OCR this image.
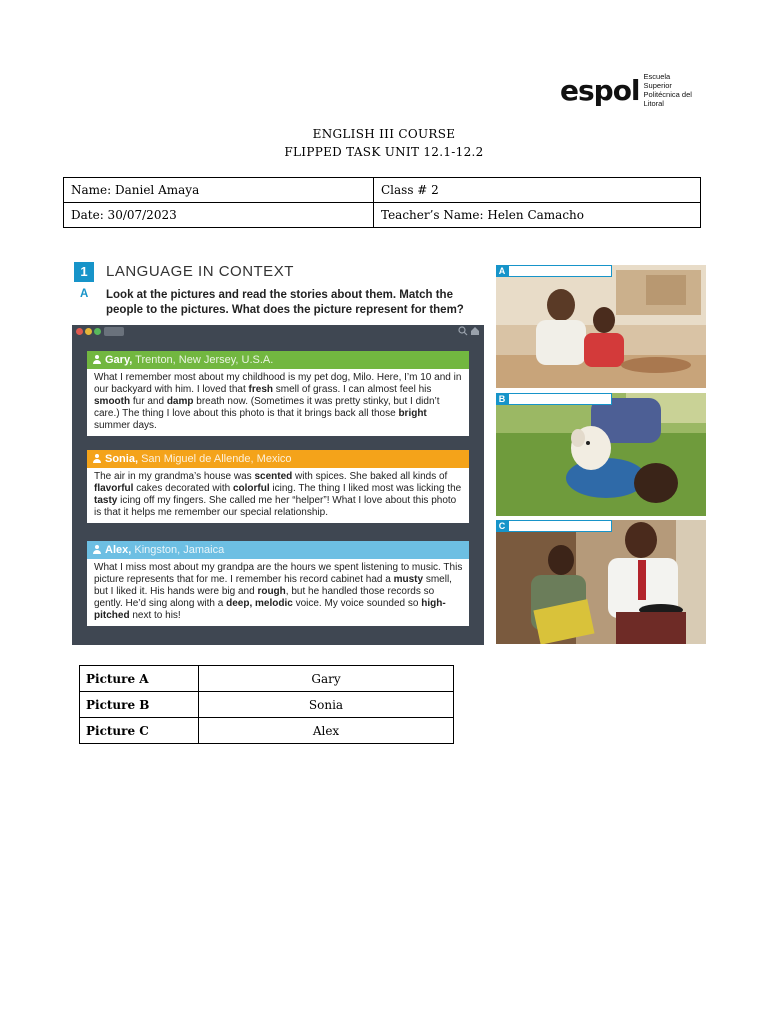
espol Escuela Superior
Politécnica del Litoral
ENGLISH III COURSE
FLIPPED TASK UNIT 12.1-12.2
Name: Daniel Amaya	Class # 2
Date: 30/07/2023	Teacher’s Name: Helen Camacho
1	LANGUAGE IN CONTEXT
A Look at the pictures and read the stories about them. Match the people to the pictures. What does the picture represent for them?
Gary, Trenton, New Jersey, U.S.A.
What I remember most about my childhood is my pet dog, Milo. Here, I’m 10 and in our backyard with him. I loved that fresh smell of grass. I can almost feel his smooth fur and damp breath now. (Sometimes it was pretty stinky, but I didn’t care.) The thing I love about this photo is that it brings back all those bright summer days.
Sonia, San Miguel de Allende, Mexico
The air in my grandma’s house was scented with spices. She baked all kinds of flavorful cakes decorated with colorful icing. The thing I liked most was licking the tasty icing off my fingers. She called me her “helper”! What I love about this photo is that it helps me remember our special relationship.
Alex, Kingston, Jamaica
What I miss most about my grandpa are the hours we spent listening to music. This picture represents that for me. I remember his record cabinet had a musty smell, but I liked it. His hands were big and rough, but he handled those records so gently. He’d sing along with a deep, melodic voice. My voice sounded so high-pitched next to his!
A
B
C
Picture A	Gary
Picture B	Sonia
Picture C	Alex
